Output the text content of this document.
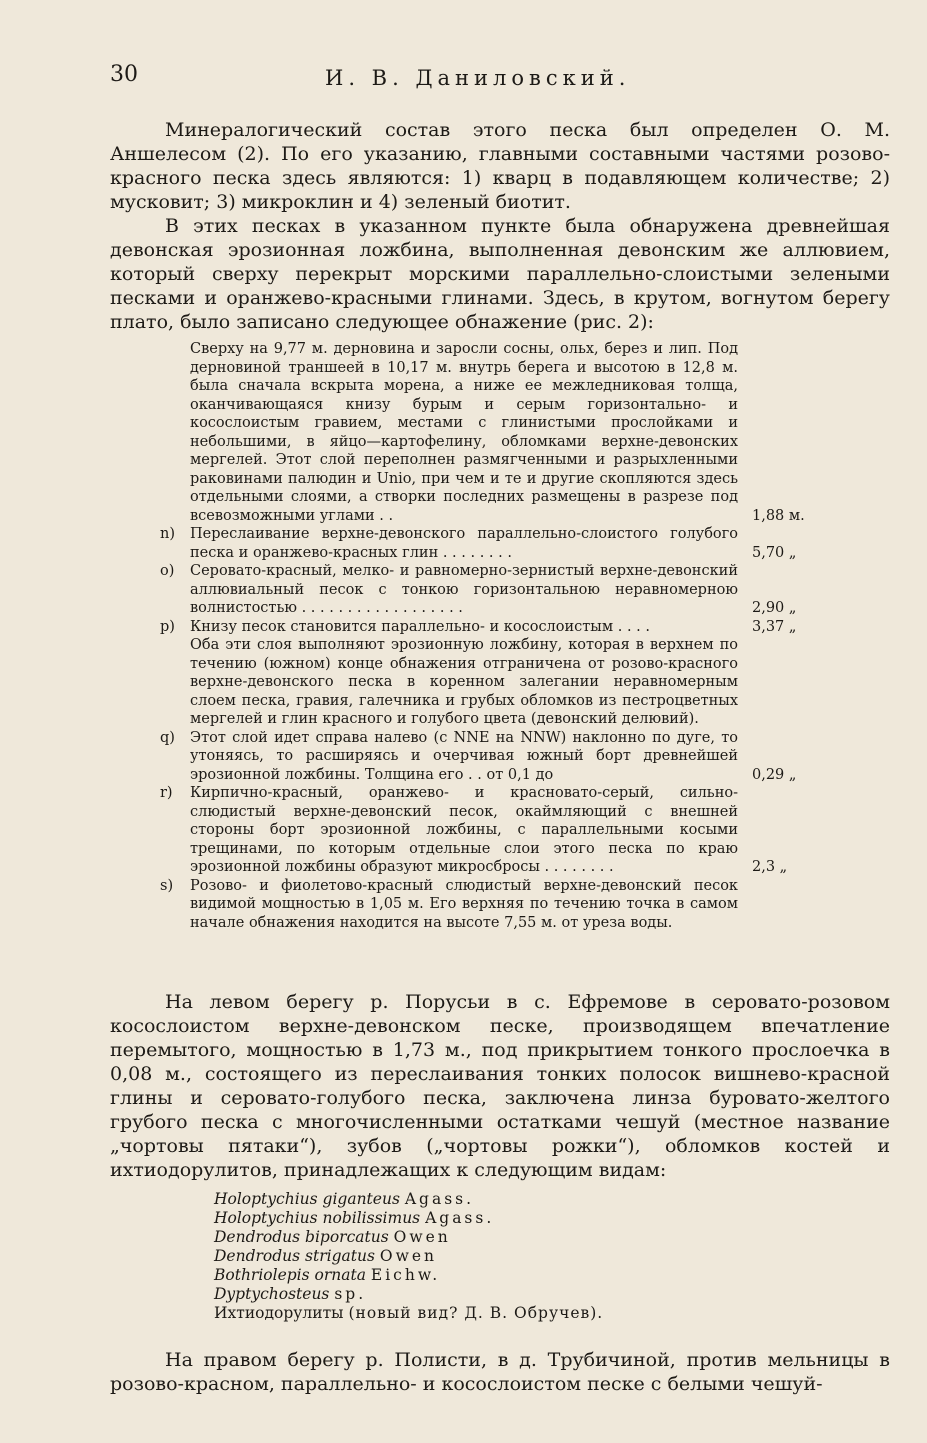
30	И. В. Даниловский.

Минералогический состав этого песка был определен О. М. Аншелесом (2). По его указанию, главными составными частями розово-красного песка здесь являются: 1) кварц в подавляющем количестве; 2) мусковит; 3) микроклин и 4) зеленый биотит.

В этих песках в указанном пункте была обнаружена древнейшая девонская эрозионная ложбина, выполненная девонским же аллювием, который сверху перекрыт морскими параллельно-слоистыми зелеными песками и оранжево-красными глинами. Здесь, в крутом, вогнутом берегу плато, было записано следующее обнажение (рис. 2):

Сверху на 9,77 м. дерновина и заросли сосны, ольх, берез и лип. Под дерновиной траншеей в 10,17 м. внутрь берега и высотою в 12,8 м. была сначала вскрыта морена, а ниже ее межледниковая толща, оканчивающаяся книзу бурым и серым горизонтально- и косослоистым гравием, местами с глинистыми прослойками и небольшими, в яйцо—картофелину, обломками верхне-девонских мергелей. Этот слой переполнен размягченными и разрыхленными раковинами палюдин и Unio, при чем и те и другие скопляются здесь отдельными слоями, а створки последних размещены в разрезе под всевозможными углами . .	1,88 м.
n)	Переслаивание верхне-девонского параллельно-слоистого голубого песка и оранжево-красных глин . . . . . . . .	5,70 „
o)	Серовато-красный, мелко- и равномерно-зернистый верхне-девонский аллювиальный песок с тонкою горизонтальною неравномерною волнистостью . . . . . . . . . . . . . . . . . .	2,90 „
p)	Книзу песок становится параллельно- и косослоистым . . . .	3,37 „
Оба эти слоя выполняют эрозионную ложбину, которая в верхнем по течению (южном) конце обнажения отграничена от розово-красного верхне-девонского песка в коренном залегании неравномерным слоем песка, гравия, галечника и грубых обломков из пестроцветных мергелей и глин красного и голубого цвета (девонский делювий).
q)	Этот слой идет справа налево (с NNE на NNW) наклонно по дуге, то утоняясь, то расширяясь и очерчивая южный борт древнейшей эрозионной ложбины. Толщина его . . от 0,1 до	0,29 „
r)	Кирпично-красный, оранжево- и красновато-серый, сильно-слюдистый верхне-девонский песок, окаймляющий с внешней стороны борт эрозионной ложбины, с параллельными косыми трещинами, по которым отдельные слои этого песка по краю эрозионной ложбины образуют микросбросы . . . . . . . .	2,3 „
s)	Розово- и фиолетово-красный слюдистый верхне-девонский песок видимой мощностью в 1,05 м. Его верхняя по течению точка в самом начале обнажения находится на высоте 7,55 м. от уреза воды.

На левом берегу р. Порусьи в с. Ефремове в серовато-розовом косослоистом верхне-девонском песке, производящем впечатление перемытого, мощностью в 1,73 м., под прикрытием тонкого прослоечка в 0,08 м., состоящего из переслаивания тонких полосок вишнево-красной глины и серовато-голубого песка, заключена линза буровато-желтого грубого песка с многочисленными остатками чешуй (местное название „чортовы пятаки“), зубов („чортовы рожки“), обломков костей и ихтиодорулитов, принадлежащих к следующим видам:

Holoptychius giganteus Agass.
Holoptychius nobilissimus Agass.
Dendrodus biporcatus Owen
Dendrodus strigatus Owen
Bothriolepis ornata Eichw.
Dyptychosteus sp.
Ихтиодорулиты (новый вид? Д. В. Обручев).

На правом берегу р. Полисти, в д. Трубичиной, против мельницы в розово-красном, параллельно- и косослоистом песке с белыми чешуй-
